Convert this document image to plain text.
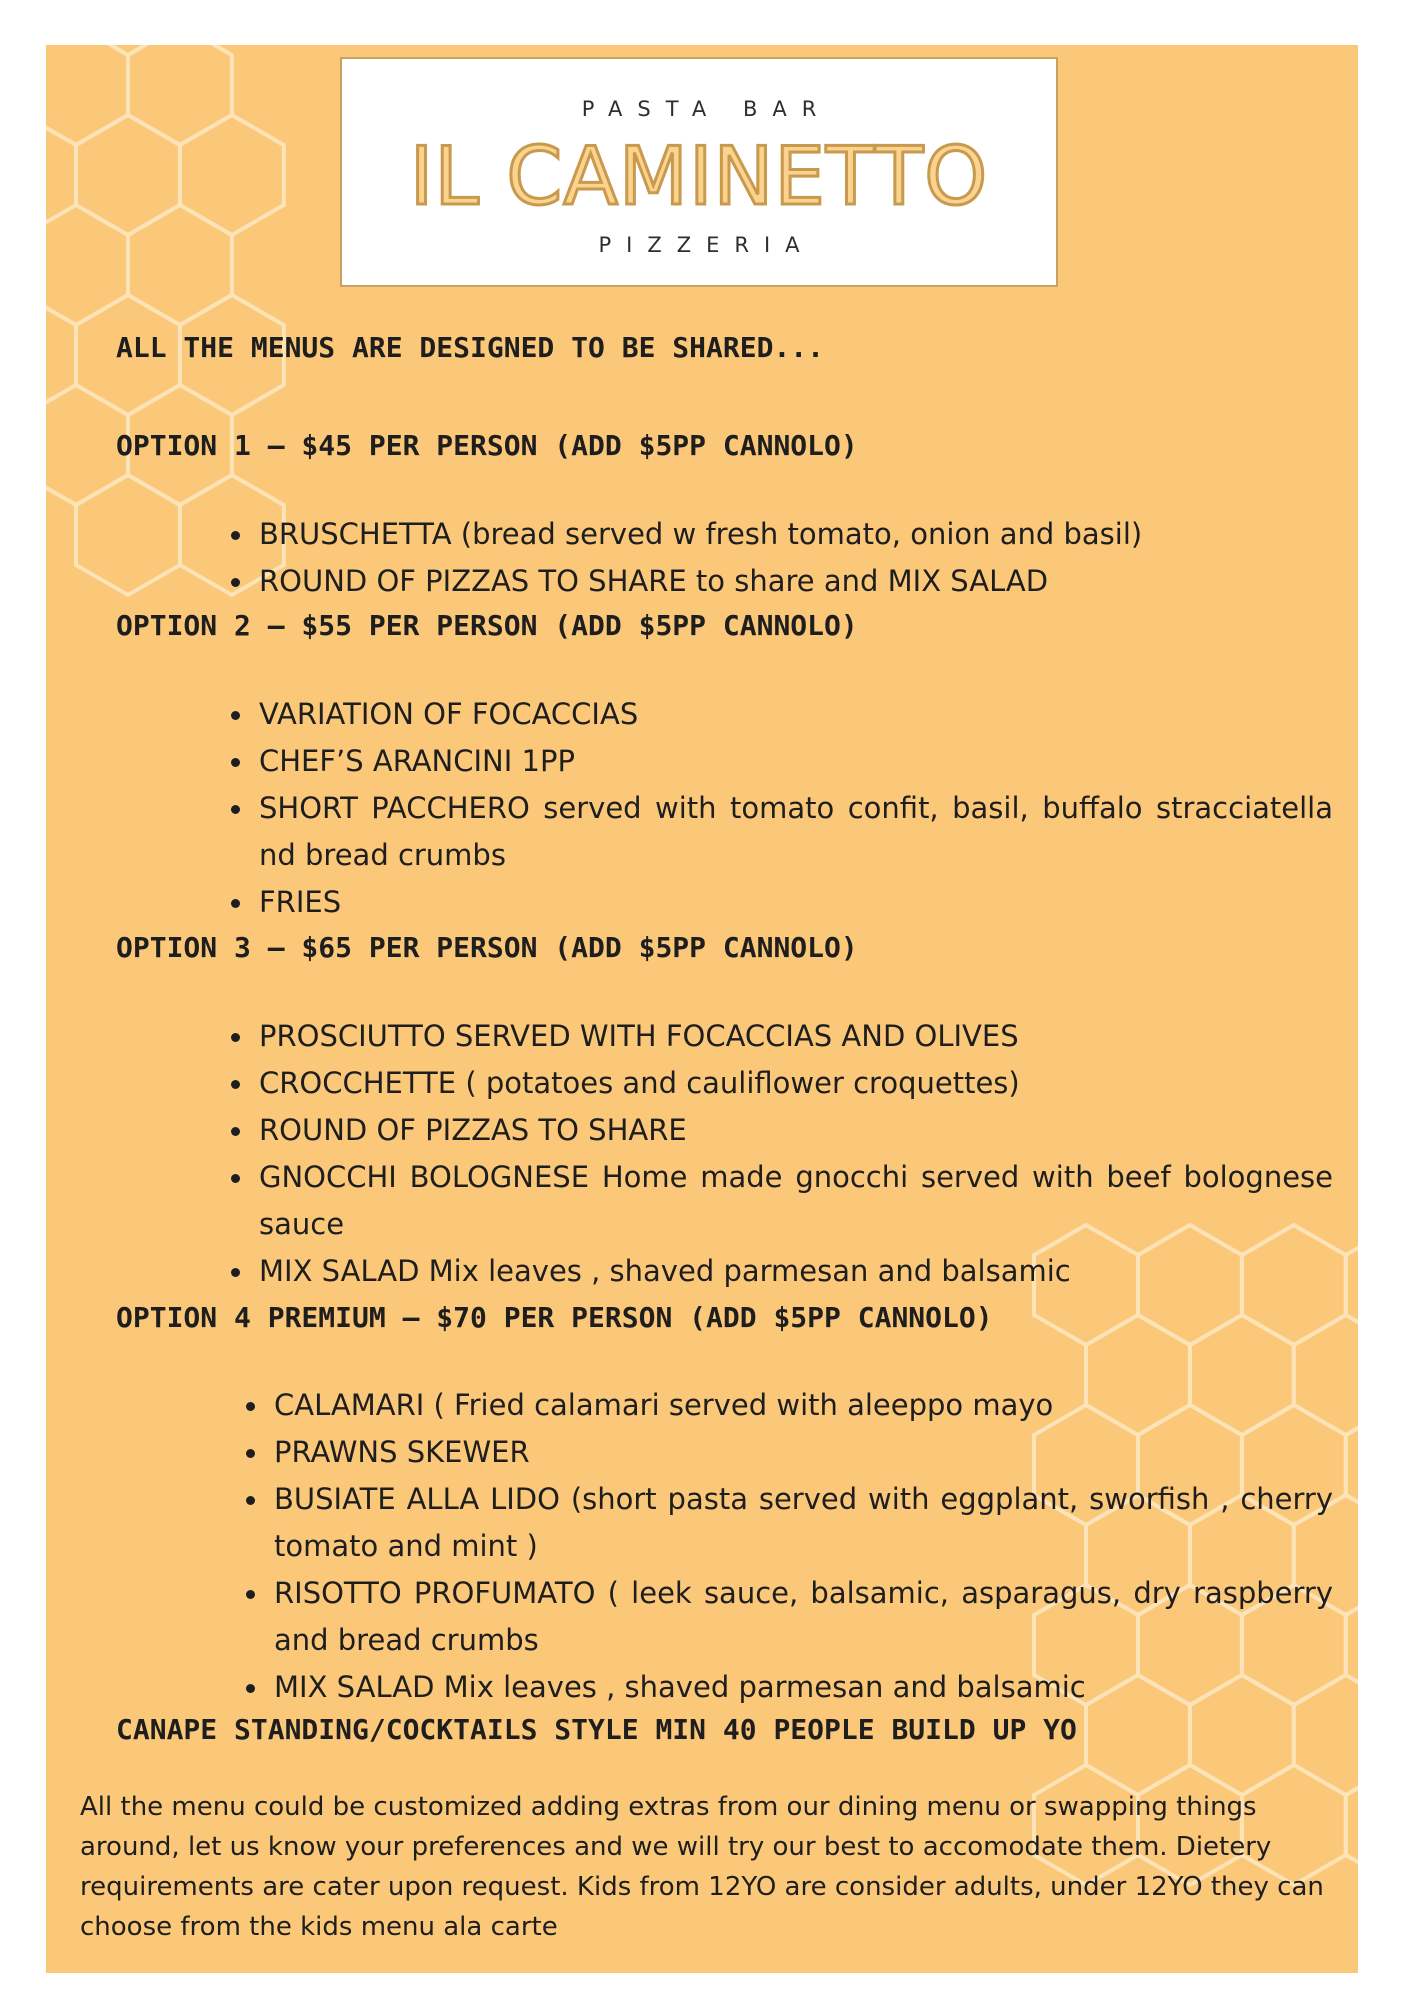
PASTA BAR
IL CAMINETTO
PIZZERIA

ALL THE MENUS ARE DESIGNED TO BE SHARED...

OPTION 1 – $45 PER PERSON (ADD $5PP CANNOLO)

BRUSCHETTA (bread served w fresh tomato, onion and basil)
ROUND OF PIZZAS TO SHARE to share and MIX SALAD

OPTION 2 – $55 PER PERSON (ADD $5PP CANNOLO)

VARIATION OF FOCACCIAS
CHEF’S ARANCINI 1PP
SHORT PACCHERO served with tomato confit, basil, buffalo stracciatella nd bread crumbs
FRIES

OPTION 3 – $65 PER PERSON (ADD $5PP CANNOLO)

PROSCIUTTO SERVED WITH FOCACCIAS AND OLIVES
CROCCHETTE ( potatoes and cauliflower croquettes)
ROUND OF PIZZAS TO SHARE
GNOCCHI BOLOGNESE Home made gnocchi served with beef bolognese sauce
MIX SALAD Mix leaves , shaved parmesan and balsamic

OPTION 4 PREMIUM – $70 PER PERSON (ADD $5PP CANNOLO)

CALAMARI ( Fried calamari served with aleeppo mayo
PRAWNS SKEWER
BUSIATE ALLA LIDO (short pasta served with eggplant, sworfish , cherry tomato and mint )
RISOTTO PROFUMATO ( leek sauce, balsamic, asparagus, dry raspberry and bread crumbs
MIX SALAD Mix leaves , shaved parmesan and balsamic

CANAPE STANDING/COCKTAILS STYLE MIN 40 PEOPLE BUILD UP YO

All the menu could be customized adding extras from our dining menu or swapping things around, let us know your preferences and we will try our best to accomodate them. Dietery requirements are cater upon request. Kids from 12YO are consider adults, under 12YO they can choose from the kids menu ala carte
